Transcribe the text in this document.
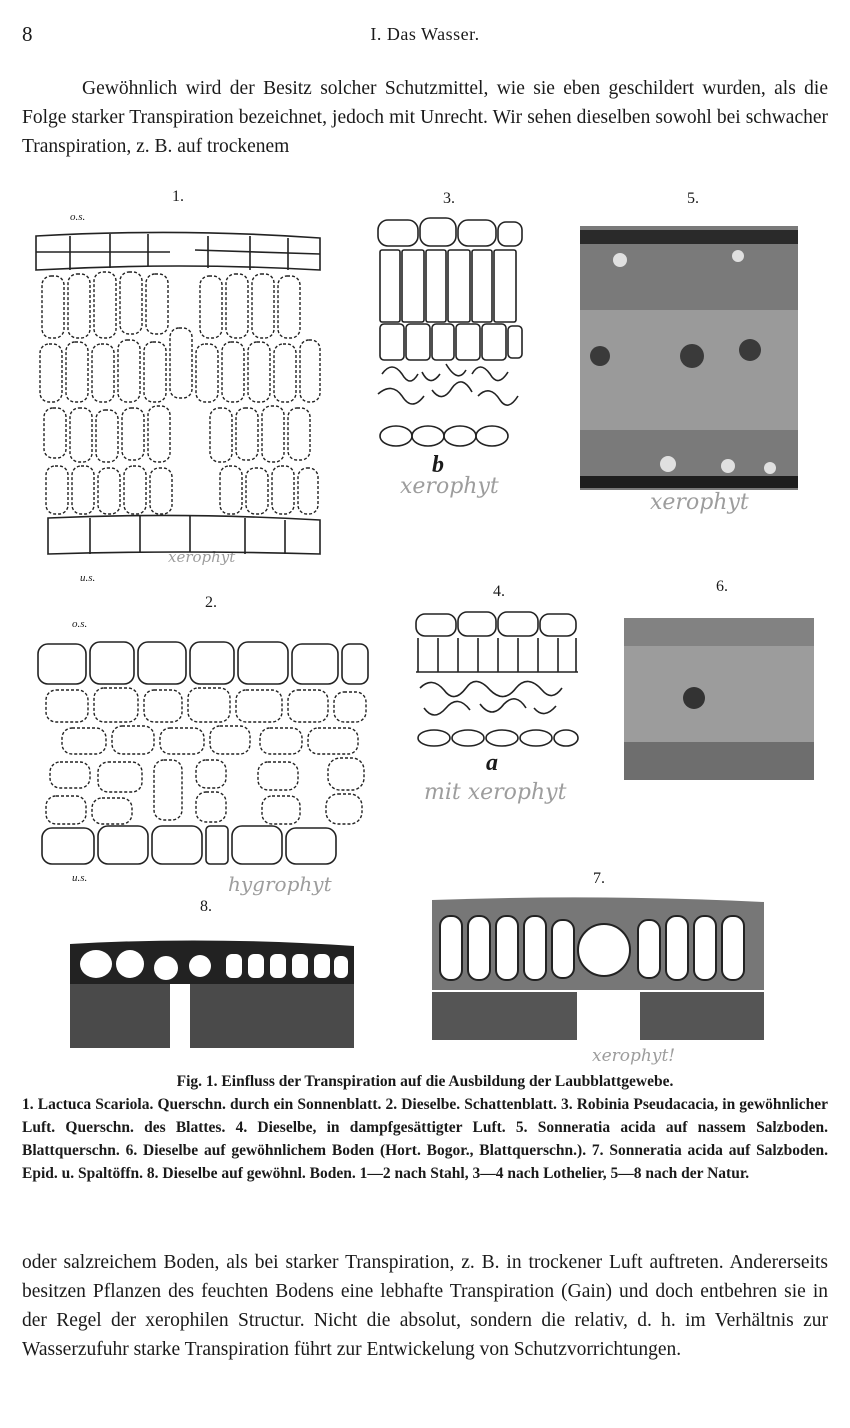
8	I. Das Wasser.
Gewöhnlich wird der Besitz solcher Schutzmittel, wie sie eben geschildert wurden, als die Folge starker Transpiration bezeichnet, jedoch mit Unrecht. Wir sehen dieselben sowohl bei schwacher Transpiration, z. B. auf trockenem
1.
2.
3.
4.
5.
6.
7.
8.
o.s.
u.s.
o.s.
u.s.
b
a
xerophyt
xerophyt
xerophyt
mit xerophyt
hygrophyt
xerophyt!
Fig. 1. Einfluss der Transpiration auf die Ausbildung der Laubblattgewebe.
1. Lactuca Scariola. Querschn. durch ein Sonnenblatt. 2. Dieselbe. Schattenblatt. 3. Robinia Pseudacacia, in gewöhnlicher Luft. Querschn. des Blattes. 4. Dieselbe, in dampfgesättigter Luft. 5. Sonneratia acida auf nassem Salzboden. Blattquerschn. 6. Dieselbe auf gewöhnlichem Boden (Hort. Bogor., Blattquerschn.). 7. Sonneratia acida auf Salzboden. Epid. u. Spaltöffn. 8. Dieselbe auf gewöhnl. Boden. 1—2 nach Stahl, 3—4 nach Lothelier, 5—8 nach der Natur.
oder salzreichem Boden, als bei starker Transpiration, z. B. in trockener Luft auftreten. Andererseits besitzen Pflanzen des feuchten Bodens eine lebhafte Transpiration (Gain) und doch entbehren sie in der Regel der xerophilen Structur. Nicht die absolut, sondern die relativ, d. h. im Verhältnis zur Wasserzufuhr starke Transpiration führt zur Entwickelung von Schutzvorrichtungen.
